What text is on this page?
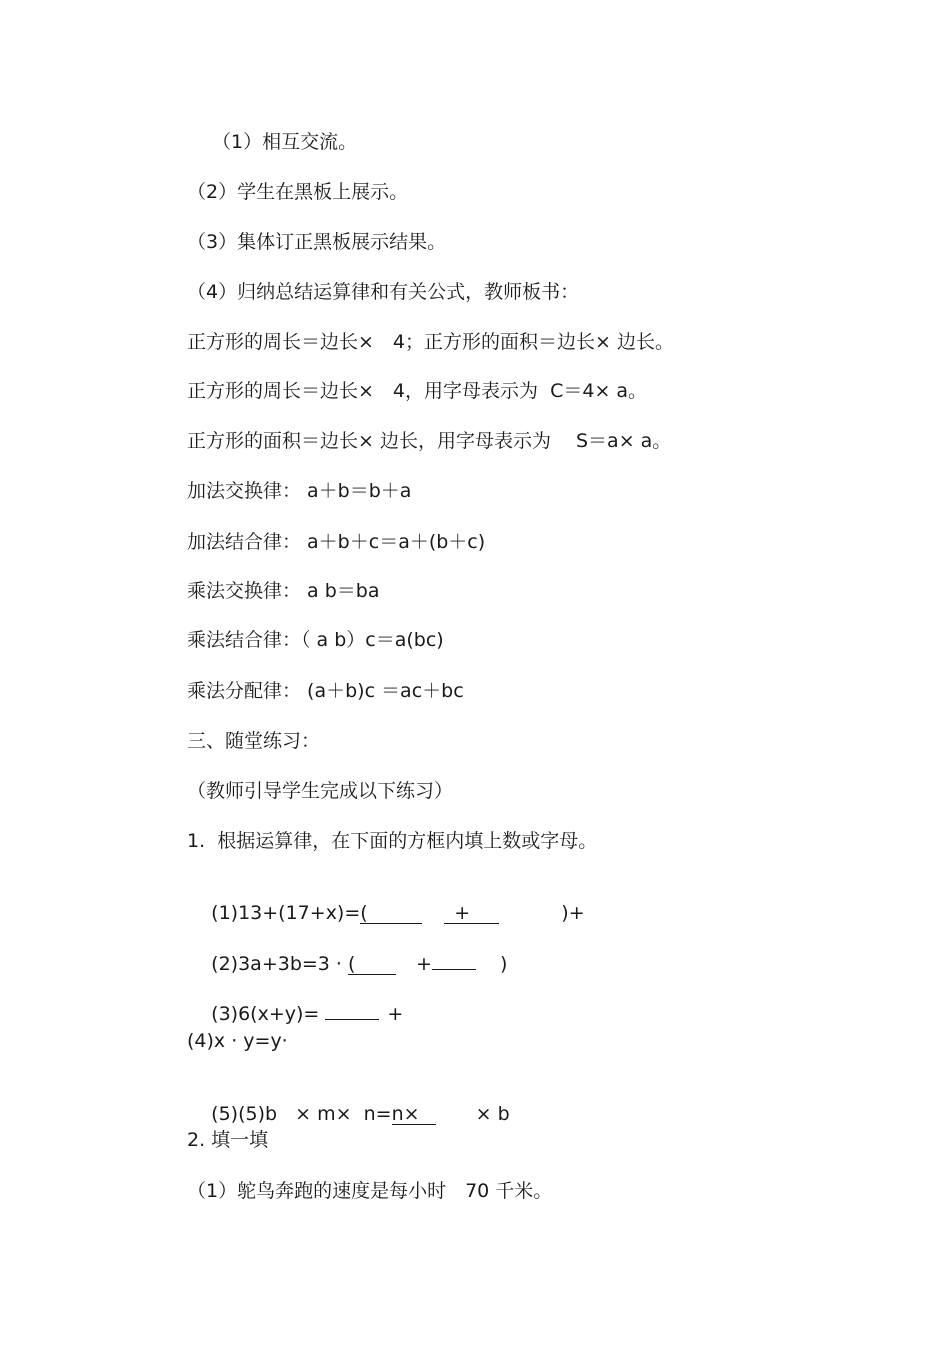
（1）相互交流。
（2）学生在黑板上展示。
（3）集体订正黑板展示结果。
（4）归纳总结运算律和有关公式，教师板书：
正方形的周长＝边长×　4；正方形的面积＝边长× 边长。
正方形的周长＝边长×　4，用字母表示为  C＝4× a。
正方形的面积＝边长× 边长，用字母表示为　 S＝a× a。
加法交换律： a＋b＝b＋a
加法结合律： a＋b＋c＝a＋(b＋c)
乘法交换律： a b＝ba
乘法结合律：（ a b）c＝a(bc)
乘法分配律： (a＋b)c ＝ac＋bc
三、随堂练习：
（教师引导学生完成以下练习）
1.  根据运算律，在下面的方框内填上数或字母。

(1)13+(17+x)=(	+	)+

(2)3a+3b=3 · (	+	)

(3)6(x+y)=	+

(4)x · y=y·

(5)(5)b   × m×  n=n×	× b

2. 填一填
（1）鸵鸟奔跑的速度是每小时　70 千米。
